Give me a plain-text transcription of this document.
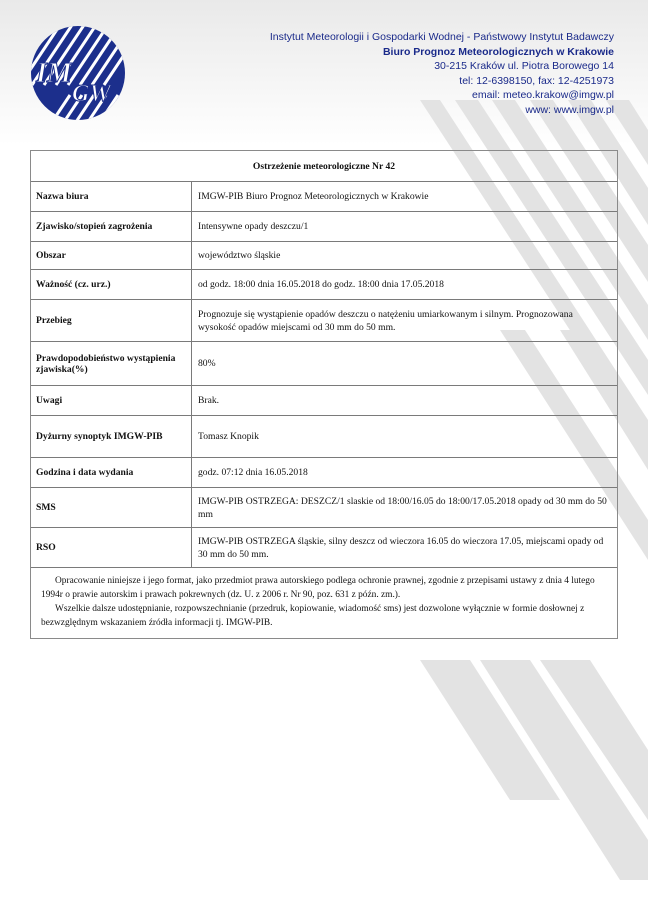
IM
GW
Instytut Meteorologii i Gospodarki Wodnej - Państwowy Instytut Badawczy
Biuro Prognoz Meteorologicznych w Krakowie
30-215 Kraków ul. Piotra Borowego 14
tel: 12-6398150, fax: 12-4251973
email: meteo.krakow@imgw.pl
www: www.imgw.pl
Ostrzeżenie meteorologiczne Nr 42	
Nazwa biura	IMGW-PIB Biuro Prognoz Meteorologicznych w Krakowie
Zjawisko/stopień zagrożenia	Intensywne opady deszczu/1
Obszar	województwo śląskie
Ważność (cz. urz.)	od godz. 18:00 dnia 16.05.2018 do godz. 18:00 dnia 17.05.2018
Przebieg	Prognozuje się wystąpienie opadów deszczu o natężeniu umiarkowanym i silnym. Prognozowana wysokość opadów miejscami od 30 mm do 50 mm.
Prawdopodobieństwo wystąpienia zjawiska(%)	80%
Uwagi	Brak.
Dyżurny synoptyk IMGW-PIB	Tomasz Knopik
Godzina i data wydania	godz. 07:12 dnia 16.05.2018
SMS	IMGW-PIB OSTRZEGA: DESZCZ/1 slaskie od 18:00/16.05 do 18:00/17.05.2018 opady od 30 mm do 50 mm
RSO	IMGW-PIB OSTRZEGA śląskie, silny deszcz od wieczora 16.05 do wieczora 17.05, miejscami opady od 30 mm do 50 mm.

Opracowanie niniejsze i jego format, jako przedmiot prawa autorskiego podlega ochronie prawnej, zgodnie z przepisami ustawy z dnia 4 lutego 1994r o prawie autorskim i prawach pokrewnych (dz. U. z 2006 r. Nr 90, poz. 631 z późn. zm.).

Wszelkie dalsze udostępnianie, rozpowszechnianie (przedruk, kopiowanie, wiadomość sms) jest dozwolone wyłącznie w formie dosłownej z bezwzględnym wskazaniem źródła informacji tj. IMGW-PIB.
